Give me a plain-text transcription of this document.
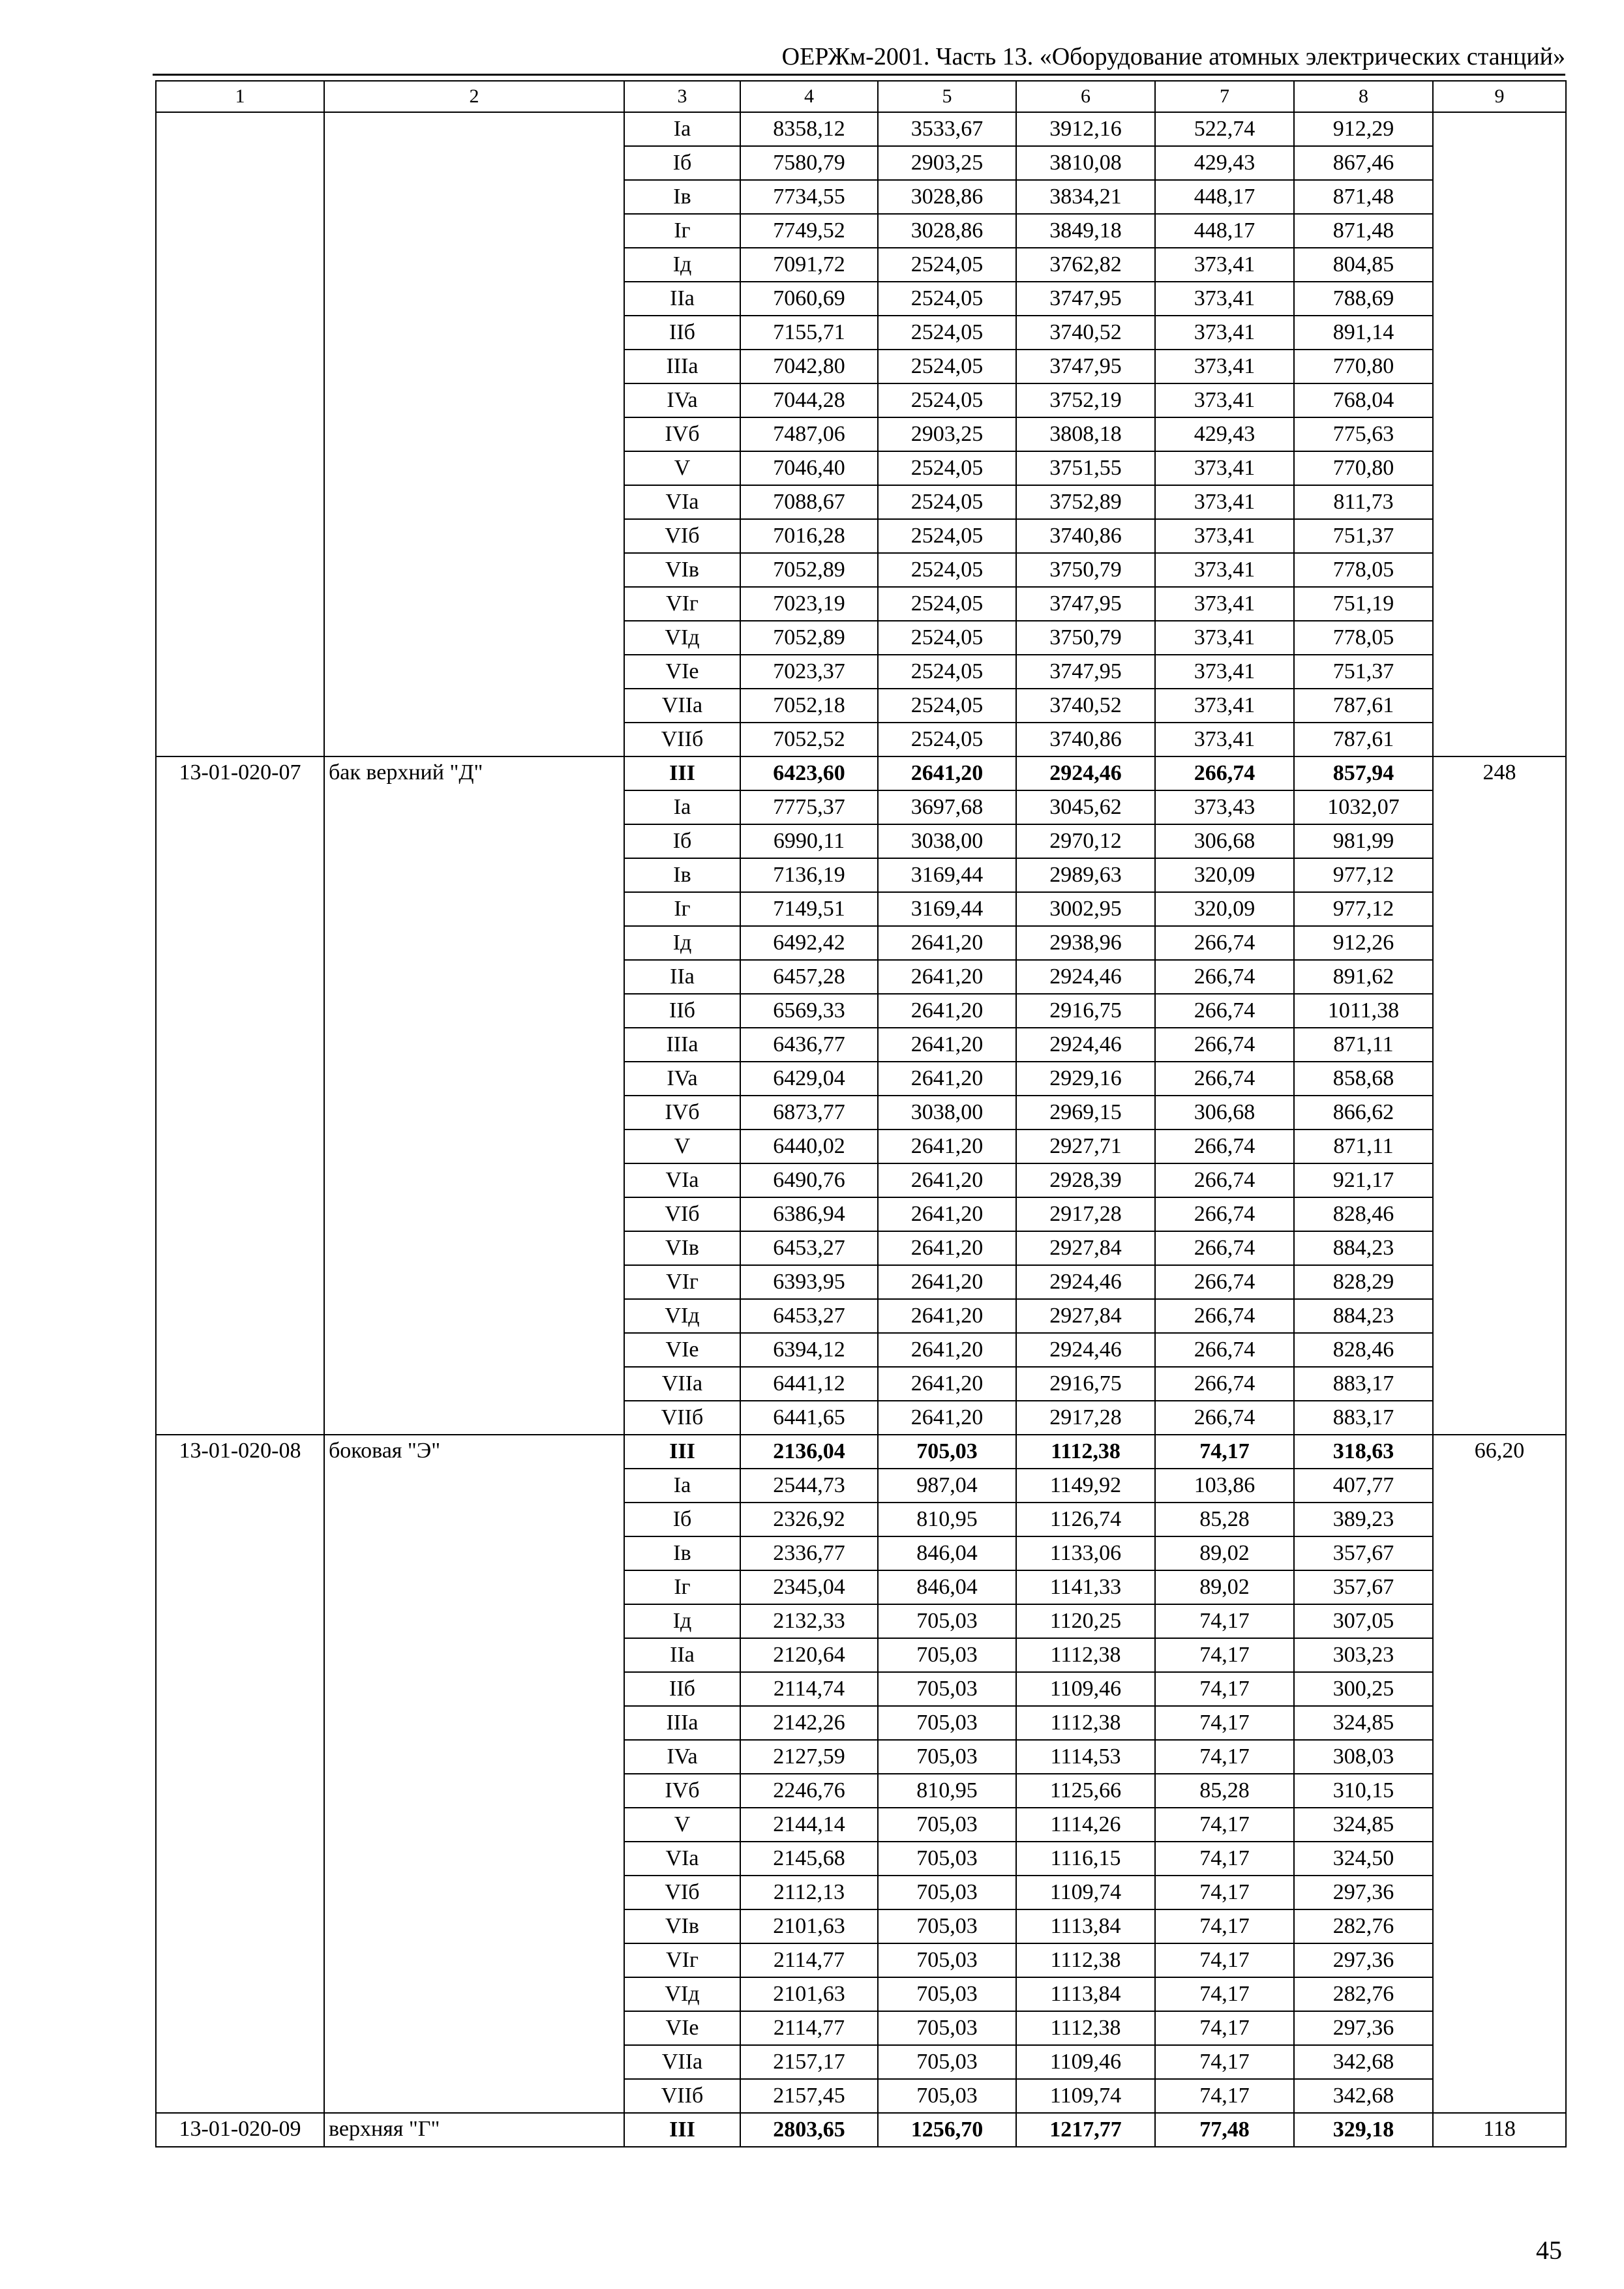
ОЕРЖм-2001. Часть 13. «Оборудование атомных электрических станций»
1	2	3	4	5	6	7	8	9
		Ia	8358,12	3533,67	3912,16	522,74	912,29	
		Iб	7580,79	2903,25	3810,08	429,43	867,46	
		Iв	7734,55	3028,86	3834,21	448,17	871,48	
		Iг	7749,52	3028,86	3849,18	448,17	871,48	
		Iд	7091,72	2524,05	3762,82	373,41	804,85	
		IIa	7060,69	2524,05	3747,95	373,41	788,69	
		IIб	7155,71	2524,05	3740,52	373,41	891,14	
		IIIa	7042,80	2524,05	3747,95	373,41	770,80	
		IVa	7044,28	2524,05	3752,19	373,41	768,04	
		IVб	7487,06	2903,25	3808,18	429,43	775,63	
		V	7046,40	2524,05	3751,55	373,41	770,80	
		VIa	7088,67	2524,05	3752,89	373,41	811,73	
		VIб	7016,28	2524,05	3740,86	373,41	751,37	
		VIв	7052,89	2524,05	3750,79	373,41	778,05	
		VIг	7023,19	2524,05	3747,95	373,41	751,19	
		VIд	7052,89	2524,05	3750,79	373,41	778,05	
		VIе	7023,37	2524,05	3747,95	373,41	751,37	
		VIIa	7052,18	2524,05	3740,52	373,41	787,61	
		VIIб	7052,52	2524,05	3740,86	373,41	787,61	
13-01-020-07	бак верхний "Д"	III	6423,60	2641,20	2924,46	266,74	857,94	248
		Ia	7775,37	3697,68	3045,62	373,43	1032,07	
		Iб	6990,11	3038,00	2970,12	306,68	981,99	
		Iв	7136,19	3169,44	2989,63	320,09	977,12	
		Iг	7149,51	3169,44	3002,95	320,09	977,12	
		Iд	6492,42	2641,20	2938,96	266,74	912,26	
		IIa	6457,28	2641,20	2924,46	266,74	891,62	
		IIб	6569,33	2641,20	2916,75	266,74	1011,38	
		IIIa	6436,77	2641,20	2924,46	266,74	871,11	
		IVa	6429,04	2641,20	2929,16	266,74	858,68	
		IVб	6873,77	3038,00	2969,15	306,68	866,62	
		V	6440,02	2641,20	2927,71	266,74	871,11	
		VIa	6490,76	2641,20	2928,39	266,74	921,17	
		VIб	6386,94	2641,20	2917,28	266,74	828,46	
		VIв	6453,27	2641,20	2927,84	266,74	884,23	
		VIг	6393,95	2641,20	2924,46	266,74	828,29	
		VIд	6453,27	2641,20	2927,84	266,74	884,23	
		VIе	6394,12	2641,20	2924,46	266,74	828,46	
		VIIa	6441,12	2641,20	2916,75	266,74	883,17	
		VIIб	6441,65	2641,20	2917,28	266,74	883,17	
13-01-020-08	боковая "Э"	III	2136,04	705,03	1112,38	74,17	318,63	66,20
		Ia	2544,73	987,04	1149,92	103,86	407,77	
		Iб	2326,92	810,95	1126,74	85,28	389,23	
		Iв	2336,77	846,04	1133,06	89,02	357,67	
		Iг	2345,04	846,04	1141,33	89,02	357,67	
		Iд	2132,33	705,03	1120,25	74,17	307,05	
		IIa	2120,64	705,03	1112,38	74,17	303,23	
		IIб	2114,74	705,03	1109,46	74,17	300,25	
		IIIa	2142,26	705,03	1112,38	74,17	324,85	
		IVa	2127,59	705,03	1114,53	74,17	308,03	
		IVб	2246,76	810,95	1125,66	85,28	310,15	
		V	2144,14	705,03	1114,26	74,17	324,85	
		VIa	2145,68	705,03	1116,15	74,17	324,50	
		VIб	2112,13	705,03	1109,74	74,17	297,36	
		VIв	2101,63	705,03	1113,84	74,17	282,76	
		VIг	2114,77	705,03	1112,38	74,17	297,36	
		VIд	2101,63	705,03	1113,84	74,17	282,76	
		VIе	2114,77	705,03	1112,38	74,17	297,36	
		VIIa	2157,17	705,03	1109,46	74,17	342,68	
		VIIб	2157,45	705,03	1109,74	74,17	342,68	
13-01-020-09	верхняя "Г"	III	2803,65	1256,70	1217,77	77,48	329,18	118
45
